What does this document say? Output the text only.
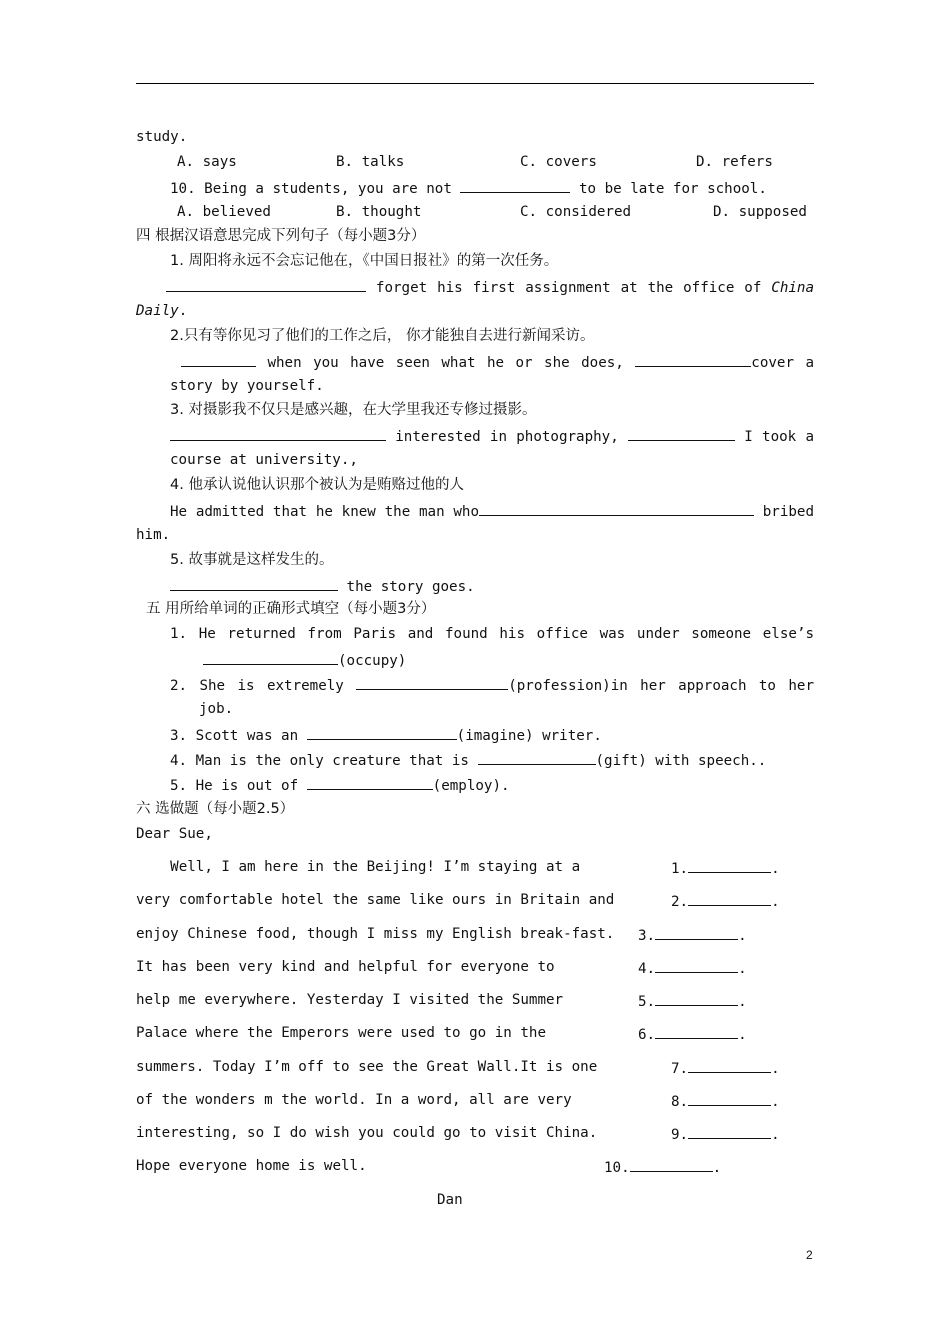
study.
A. says	B. talks	C. covers	D. refers
10. Being a students, you are not	to be late for school.
A. believed	B. thought	C. considered	D. supposed
四 根据汉语意思完成下列句子（每小题3分）
1. 周阳将永远不会忘记他在，《中国日报社》的第一次任务。
forget his first assignment at the office of China
Daily.
2.只有等你见习了他们的工作之后， 你才能独自去进行新闻采访。
when you have seen what he or she does,	cover a
story by yourself.
3. 对摄影我不仅只是感兴趣，在大学里我还专修过摄影。
interested in photography,	I took a
course at university.,
4. 他承认说他认识那个被认为是贿赂过他的人
He admitted that he knew the man who	bribed
him.
5. 故事就是这样发生的。
the story goes.
五 用所给单词的正确形式填空（每小题3分）
1. He returned from Paris and found his office was under someone else’s
(occupy)
2. She is extremely	(profession)in her approach to her
job.
3. Scott was an	(imagine) writer.
4. Man is the only creature that is	(gift) with speech..
5. He is out of	(employ).
六 选做题（每小题2.5）
Dear Sue,
Well, I am here in the Beijing! I’m staying at a
very comfortable hotel the same like ours in Britain and
enjoy Chinese food, though I miss my English break-fast.
It has been very kind and helpful for everyone to
help me everywhere. Yesterday I visited the Summer
Palace where the Emperors were used to go in the
summers. Today I’m off to see the Great Wall.It is one
of the wonders m the world. In a word, all are very
interesting, so I do wish you could go to visit China.
Hope everyone home is well.
1.	.
2.	.
3.	.
4.	.
5.	.
6.	.
7.	.
8.	.
9.	.
10.	.
Dan
2
